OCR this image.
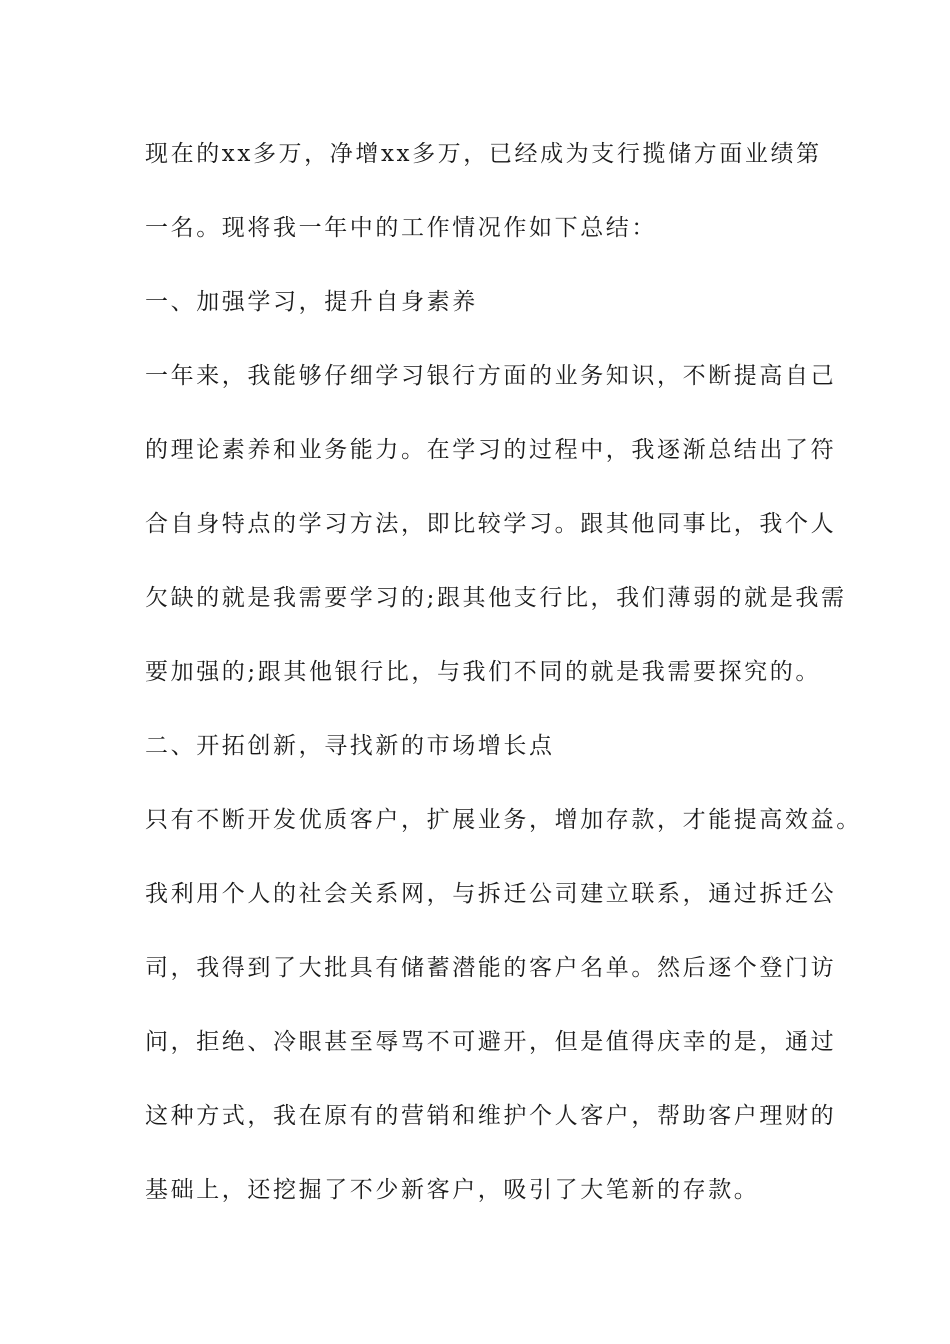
现在的xx多万，净增xx多万，已经成为支行揽储方面业绩第
一名。现将我一年中的工作情况作如下总结：
一、加强学习，提升自身素养
一年来，我能够仔细学习银行方面的业务知识，不断提高自己
的理论素养和业务能力。在学习的过程中，我逐渐总结出了符
合自身特点的学习方法，即比较学习。跟其他同事比，我个人
欠缺的就是我需要学习的;跟其他支行比，我们薄弱的就是我需
要加强的;跟其他银行比，与我们不同的就是我需要探究的。
二、开拓创新，寻找新的市场增长点
只有不断开发优质客户，扩展业务，增加存款，才能提高效益。
我利用个人的社会关系网，与拆迁公司建立联系，通过拆迁公
司，我得到了大批具有储蓄潜能的客户名单。然后逐个登门访
问，拒绝、冷眼甚至辱骂不可避开，但是值得庆幸的是，通过
这种方式，我在原有的营销和维护个人客户，帮助客户理财的
基础上，还挖掘了不少新客户，吸引了大笔新的存款。
